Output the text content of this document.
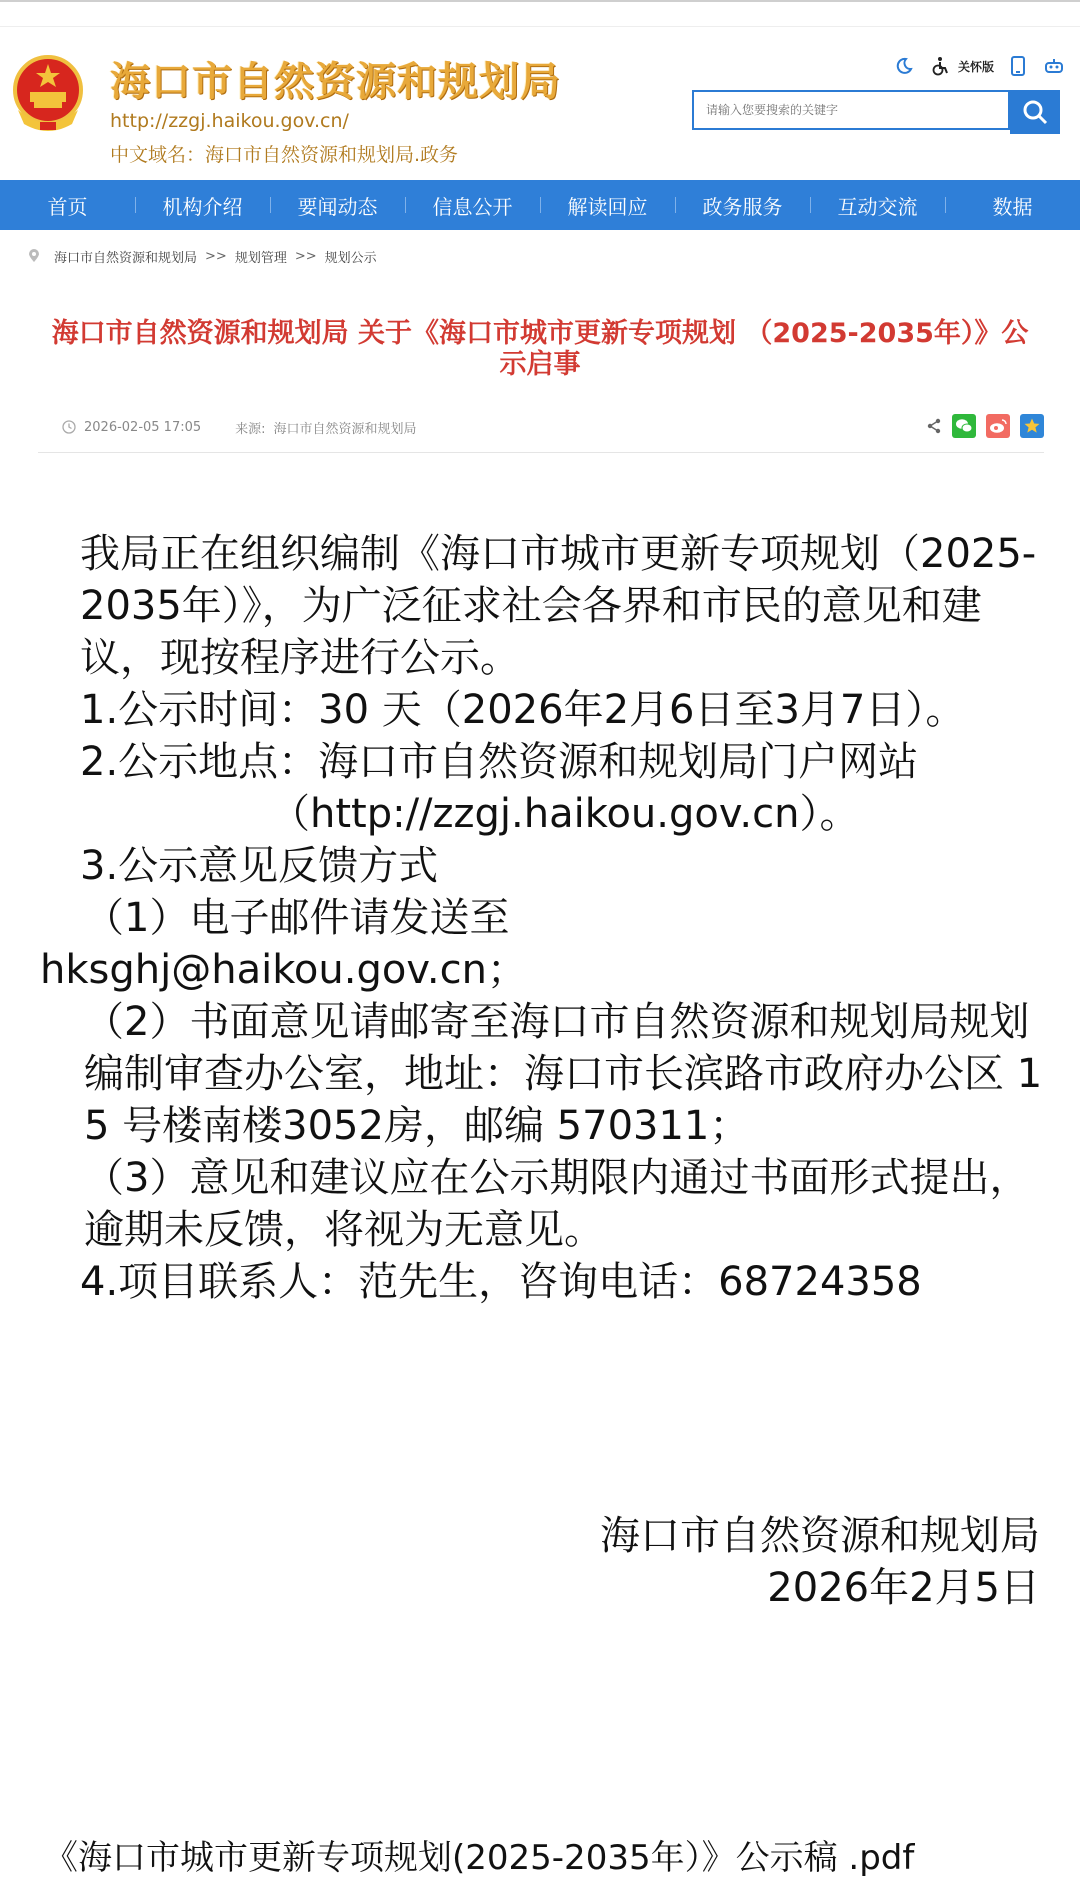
海口市自然资源和规划局
http://zzgj.haikou.gov.cn/
中文域名：海口市自然资源和规划局.政务
关怀版
请输入您要搜索的关键字
首页	机构介绍	要闻动态	信息公开	解读回应	政务服务	互动交流	数据
海口市自然资源和规划局 >> 规划管理 >> 规划公示
海口市自然资源和规划局 关于《海口市城市更新专项规划 （2025-2035年）》公示启事
2026-02-05 17:05	来源: 海口市自然资源和规划局
我局正在组织编制《海口市城市更新专项规划（2025-2035年）》，为广泛征求社会各界和市民的意见和建议，现按程序进行公示。
1.公示时间：30 天（2026年2月6日至3月7日）。
2.公示地点：海口市自然资源和规划局门户网站
（http://zzgj.haikou.gov.cn）。
3.公示意见反馈方式
（1）电子邮件请发送至
hksghj@haikou.gov.cn；
（2）书面意见请邮寄至海口市自然资源和规划局规划编制审查办公室，地址：海口市长滨路市政府办公区 15 号楼南楼3052房，邮编 570311；
（3）意见和建议应在公示期限内通过书面形式提出，逾期未反馈，将视为无意见。
4.项目联系人：范先生，咨询电话：68724358
海口市自然资源和规划局
2026年2月5日
《海口市城市更新专项规划(2025-2035年）》公示稿 .pdf
